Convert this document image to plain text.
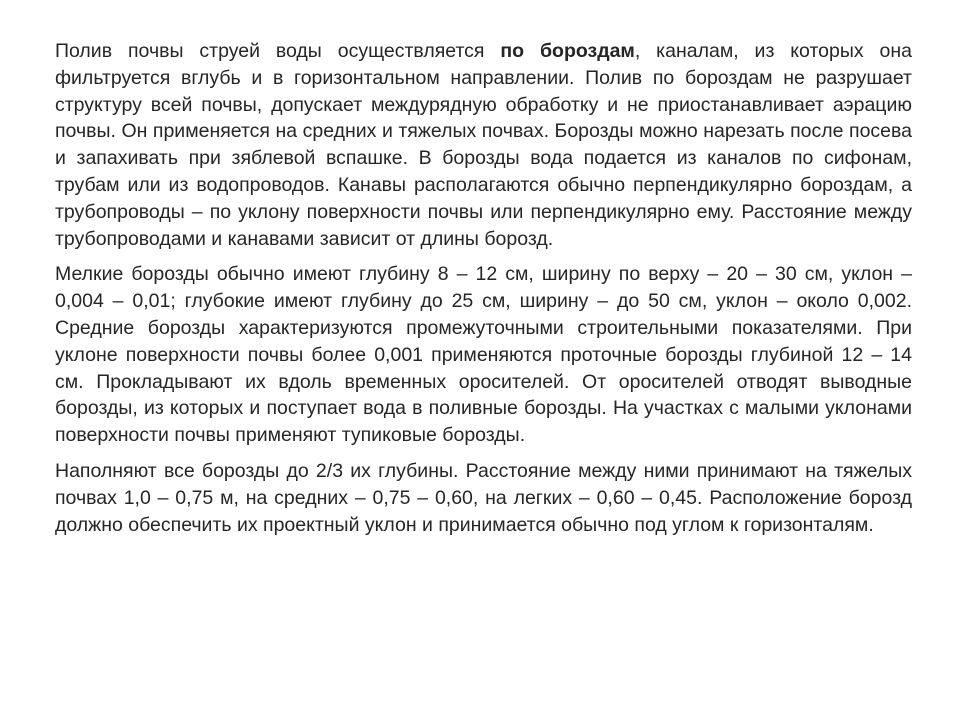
Полив почвы струей воды осуществляется по бороздам, каналам, из которых она фильтруется вглубь и в горизонтальном направлении. Полив по бороздам не разрушает структуру всей почвы, допускает междурядную обработку и не приостанавливает аэрацию почвы. Он применяется на средних и тяжелых почвах. Борозды можно нарезать после посева и запахивать при зяблевой вспашке. В борозды вода подается из каналов по сифонам, трубам или из водопроводов. Канавы располагаются обычно перпендикулярно бороздам, а трубопроводы – по уклону поверхности почвы или перпендикулярно ему. Расстояние между трубопроводами и канавами зависит от длины борозд.

Мелкие борозды обычно имеют глубину 8 – 12 см, ширину по верху – 20 – 30 см, уклон – 0,004 – 0,01; глубокие имеют глубину до 25 см, ширину – до 50 см, уклон – около 0,002. Средние борозды характеризуются промежуточными строительными показателями. При уклоне поверхности почвы более 0,001 применяются проточные борозды глубиной 12 – 14 см. Прокладывают их вдоль временных оросителей. От оросителей отводят выводные борозды, из которых и поступает вода в поливные борозды. На участках с малыми уклонами поверхности почвы применяют тупиковые борозды.

Наполняют все борозды до 2/3 их глубины. Расстояние между ними принимают на тяжелых почвах 1,0 – 0,75 м, на средних – 0,75 – 0,60, на легких – 0,60 – 0,45. Расположение борозд должно обеспечить их проектный уклон и принимается обычно под углом к горизонталям.
